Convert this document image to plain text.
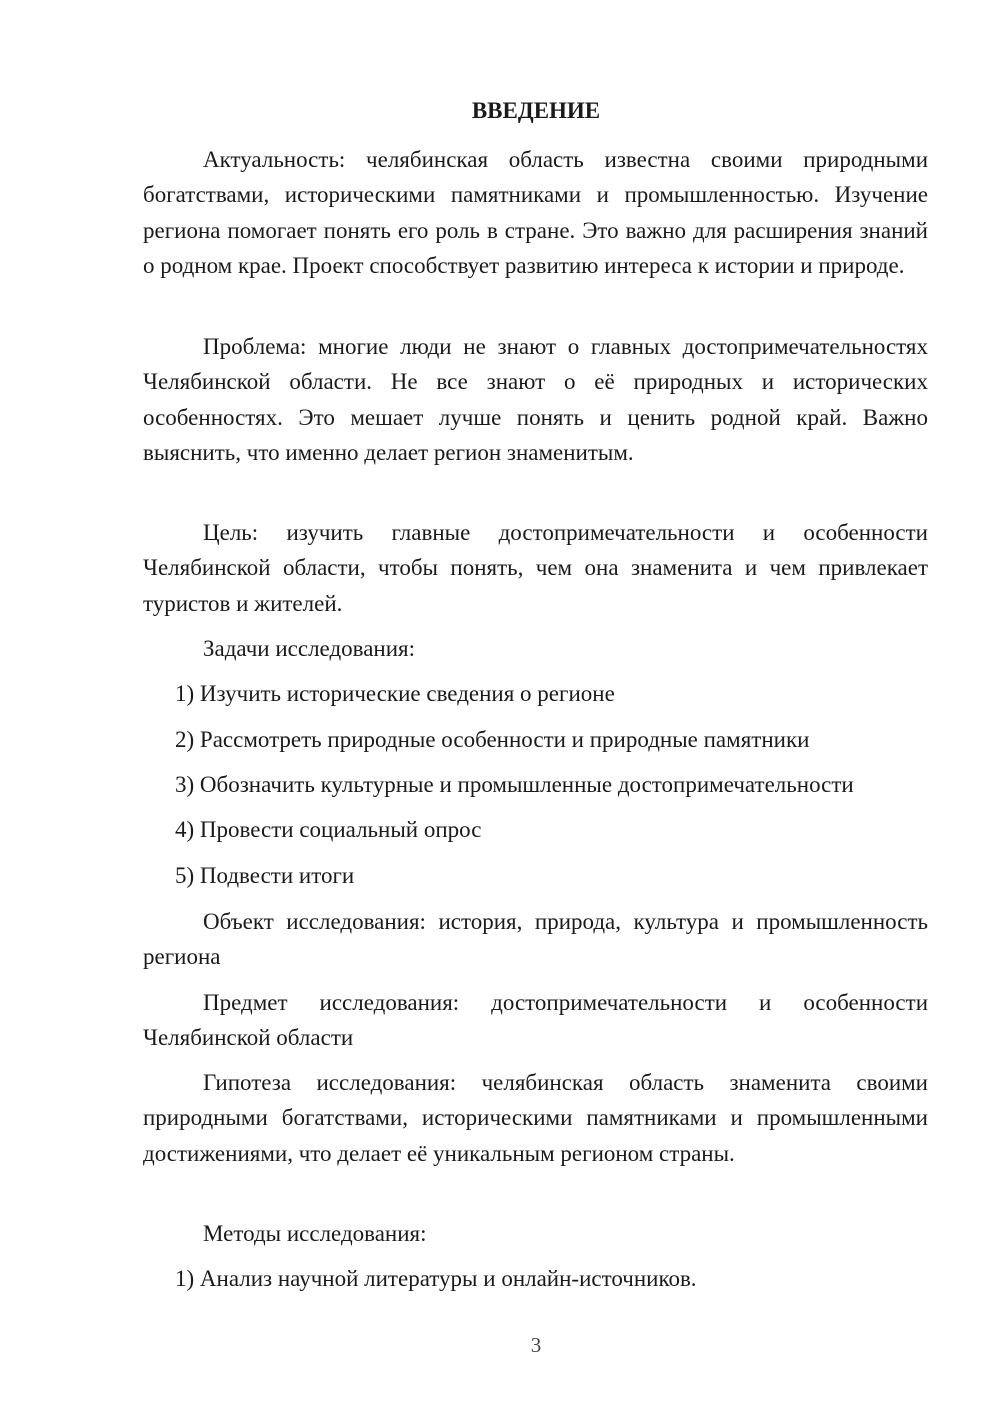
ВВЕДЕНИЕ

Актуальность: челябинская область известна своими природными богатствами, историческими памятниками и промышленностью. Изучение региона помогает понять его роль в стране. Это важно для расширения знаний о родном крае. Проект способствует развитию интереса к истории и природе.

Проблема: многие люди не знают о главных достопримечательностях Челябинской области. Не все знают о её природных и исторических особенностях. Это мешает лучше понять и ценить родной край. Важно выяснить, что именно делает регион знаменитым.

Цель: изучить главные достопримечательности и особенности Челябинской области, чтобы понять, чем она знаменита и чем привлекает туристов и жителей.

Задачи исследования:

1) Изучить исторические сведения о регионе

2) Рассмотреть природные особенности и природные памятники

3) Обозначить культурные и промышленные достопримечательности

4) Провести социальный опрос

5) Подвести итоги

Объект исследования: история, природа, культура и промышленность региона

Предмет исследования: достопримечательности и особенности Челябинской области

Гипотеза исследования: челябинская область знаменита своими природными богатствами, историческими памятниками и промышленными достижениями, что делает её уникальным регионом страны.

Методы исследования:

1) Анализ научной литературы и онлайн-источников.

3
